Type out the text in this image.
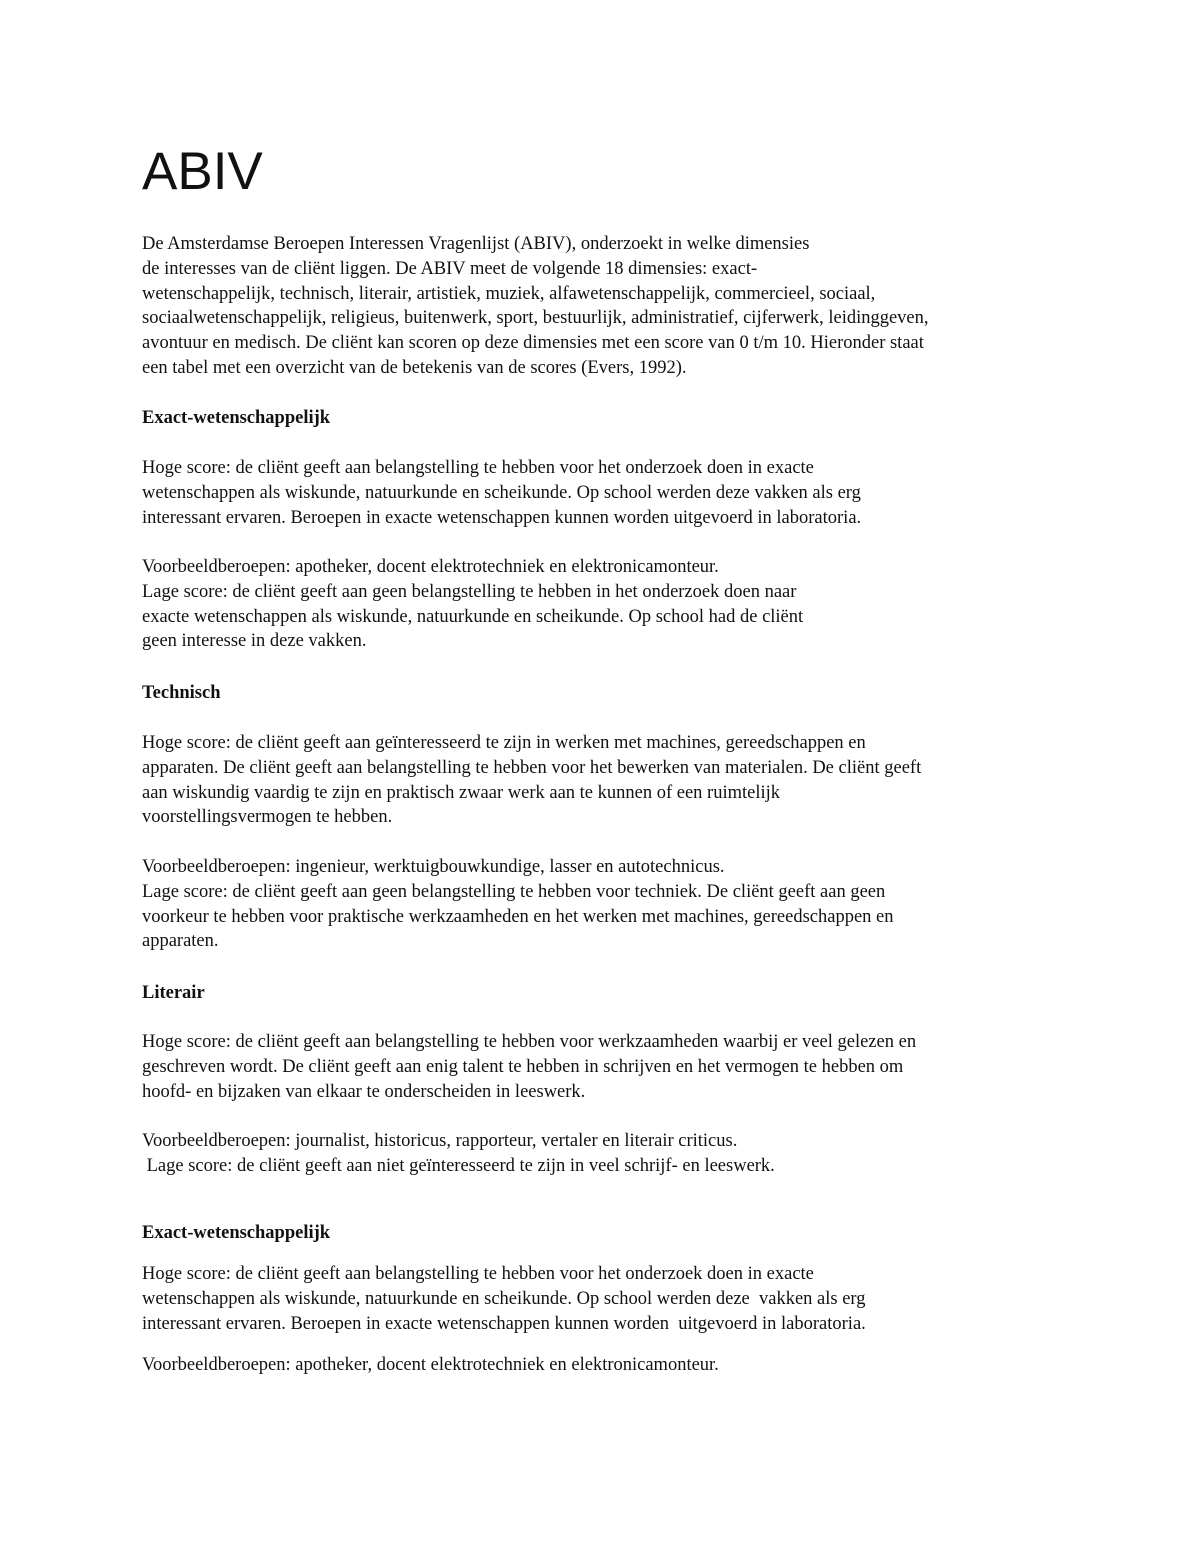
ABIV
De Amsterdamse Beroepen Interessen Vragenlijst (ABIV), onderzoekt in welke dimensies
de interesses van de cliënt liggen. De ABIV meet de volgende 18 dimensies: exact-
wetenschappelijk, technisch, literair, artistiek, muziek, alfawetenschappelijk, commercieel, sociaal,
sociaalwetenschappelijk, religieus, buitenwerk, sport, bestuurlijk, administratief, cijferwerk, leidinggeven,
avontuur en medisch. De cliënt kan scoren op deze dimensies met een score van 0 t/m 10. Hieronder staat
een tabel met een overzicht van de betekenis van de scores (Evers, 1992).
Exact-wetenschappelijk
Hoge score: de cliënt geeft aan belangstelling te hebben voor het onderzoek doen in exacte
wetenschappen als wiskunde, natuurkunde en scheikunde. Op school werden deze vakken als erg
interessant ervaren. Beroepen in exacte wetenschappen kunnen worden uitgevoerd in laboratoria.
Voorbeeldberoepen: apotheker, docent elektrotechniek en elektronicamonteur.
Lage score: de cliënt geeft aan geen belangstelling te hebben in het onderzoek doen naar
exacte wetenschappen als wiskunde, natuurkunde en scheikunde. Op school had de cliënt
geen interesse in deze vakken.
Technisch
Hoge score: de cliënt geeft aan geïnteresseerd te zijn in werken met machines, gereedschappen en
apparaten. De cliënt geeft aan belangstelling te hebben voor het bewerken van materialen. De cliënt geeft
aan wiskundig vaardig te zijn en praktisch zwaar werk aan te kunnen of een ruimtelijk
voorstellingsvermogen te hebben.
Voorbeeldberoepen: ingenieur, werktuigbouwkundige, lasser en autotechnicus.
Lage score: de cliënt geeft aan geen belangstelling te hebben voor techniek. De cliënt geeft aan geen
voorkeur te hebben voor praktische werkzaamheden en het werken met machines, gereedschappen en
apparaten.
Literair
Hoge score: de cliënt geeft aan belangstelling te hebben voor werkzaamheden waarbij er veel gelezen en
geschreven wordt. De cliënt geeft aan enig talent te hebben in schrijven en het vermogen te hebben om
hoofd- en bijzaken van elkaar te onderscheiden in leeswerk.
Voorbeeldberoepen: journalist, historicus, rapporteur, vertaler en literair criticus.
Lage score: de cliënt geeft aan niet geïnteresseerd te zijn in veel schrijf- en leeswerk.
Exact-wetenschappelijk
Hoge score: de cliënt geeft aan belangstelling te hebben voor het onderzoek doen in exacte
wetenschappen als wiskunde, natuurkunde en scheikunde. Op school werden deze  vakken als erg
interessant ervaren. Beroepen in exacte wetenschappen kunnen worden  uitgevoerd in laboratoria.
Voorbeeldberoepen: apotheker, docent elektrotechniek en elektronicamonteur.
